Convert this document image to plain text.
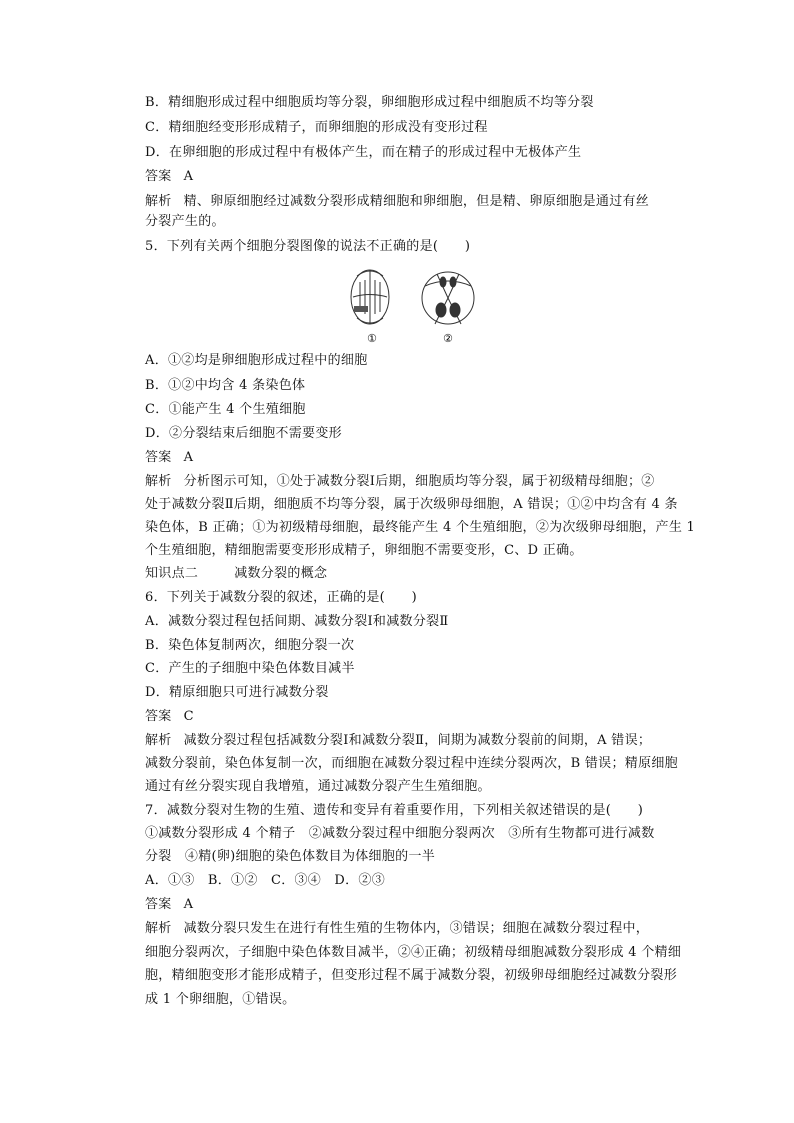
B．精细胞形成过程中细胞质均等分裂，卵细胞形成过程中细胞质不均等分裂
C．精细胞经变形形成精子，而卵细胞的形成没有变形过程
D．在卵细胞的形成过程中有极体产生，而在精子的形成过程中无极体产生
答案 A
解析 精、卵原细胞经过减数分裂形成精细胞和卵细胞，但是精、卵原细胞是通过有丝
分裂产生的。
5．下列有关两个细胞分裂图像的说法不正确的是(　　)
①	②
A．①②均是卵细胞形成过程中的细胞
B．①②中均含 4 条染色体
C．①能产生 4 个生殖细胞
D．②分裂结束后细胞不需要变形
答案 A
解析 分析图示可知，①处于减数分裂Ⅰ后期，细胞质均等分裂，属于初级精母细胞；②
处于减数分裂Ⅱ后期，细胞质不均等分裂，属于次级卵母细胞，A 错误；①②中均含有 4 条
染色体，B 正确；①为初级精母细胞，最终能产生 4 个生殖细胞，②为次级卵母细胞，产生 1
个生殖细胞，精细胞需要变形形成精子，卵细胞不需要变形，C、D 正确。
知识点二	减数分裂的概念
6．下列关于减数分裂的叙述，正确的是(　　)
A．减数分裂过程包括间期、减数分裂Ⅰ和减数分裂Ⅱ
B．染色体复制两次，细胞分裂一次
C．产生的子细胞中染色体数目减半
D．精原细胞只可进行减数分裂
答案 C
解析 减数分裂过程包括减数分裂Ⅰ和减数分裂Ⅱ，间期为减数分裂前的间期，A 错误；
减数分裂前，染色体复制一次，而细胞在减数分裂过程中连续分裂两次，B 错误；精原细胞
通过有丝分裂实现自我增殖，通过减数分裂产生生殖细胞。
7．减数分裂对生物的生殖、遗传和变异有着重要作用，下列相关叙述错误的是(　　)
①减数分裂形成 4 个精子　②减数分裂过程中细胞分裂两次　③所有生物都可进行减数
分裂　④精(卵)细胞的染色体数目为体细胞的一半
A．①③　B．①②　C．③④　D．②③
答案 A
解析 减数分裂只发生在进行有性生殖的生物体内，③错误；细胞在减数分裂过程中，
细胞分裂两次，子细胞中染色体数目减半，②④正确；初级精母细胞减数分裂形成 4 个精细
胞，精细胞变形才能形成精子，但变形过程不属于减数分裂，初级卵母细胞经过减数分裂形
成 1 个卵细胞，①错误。
